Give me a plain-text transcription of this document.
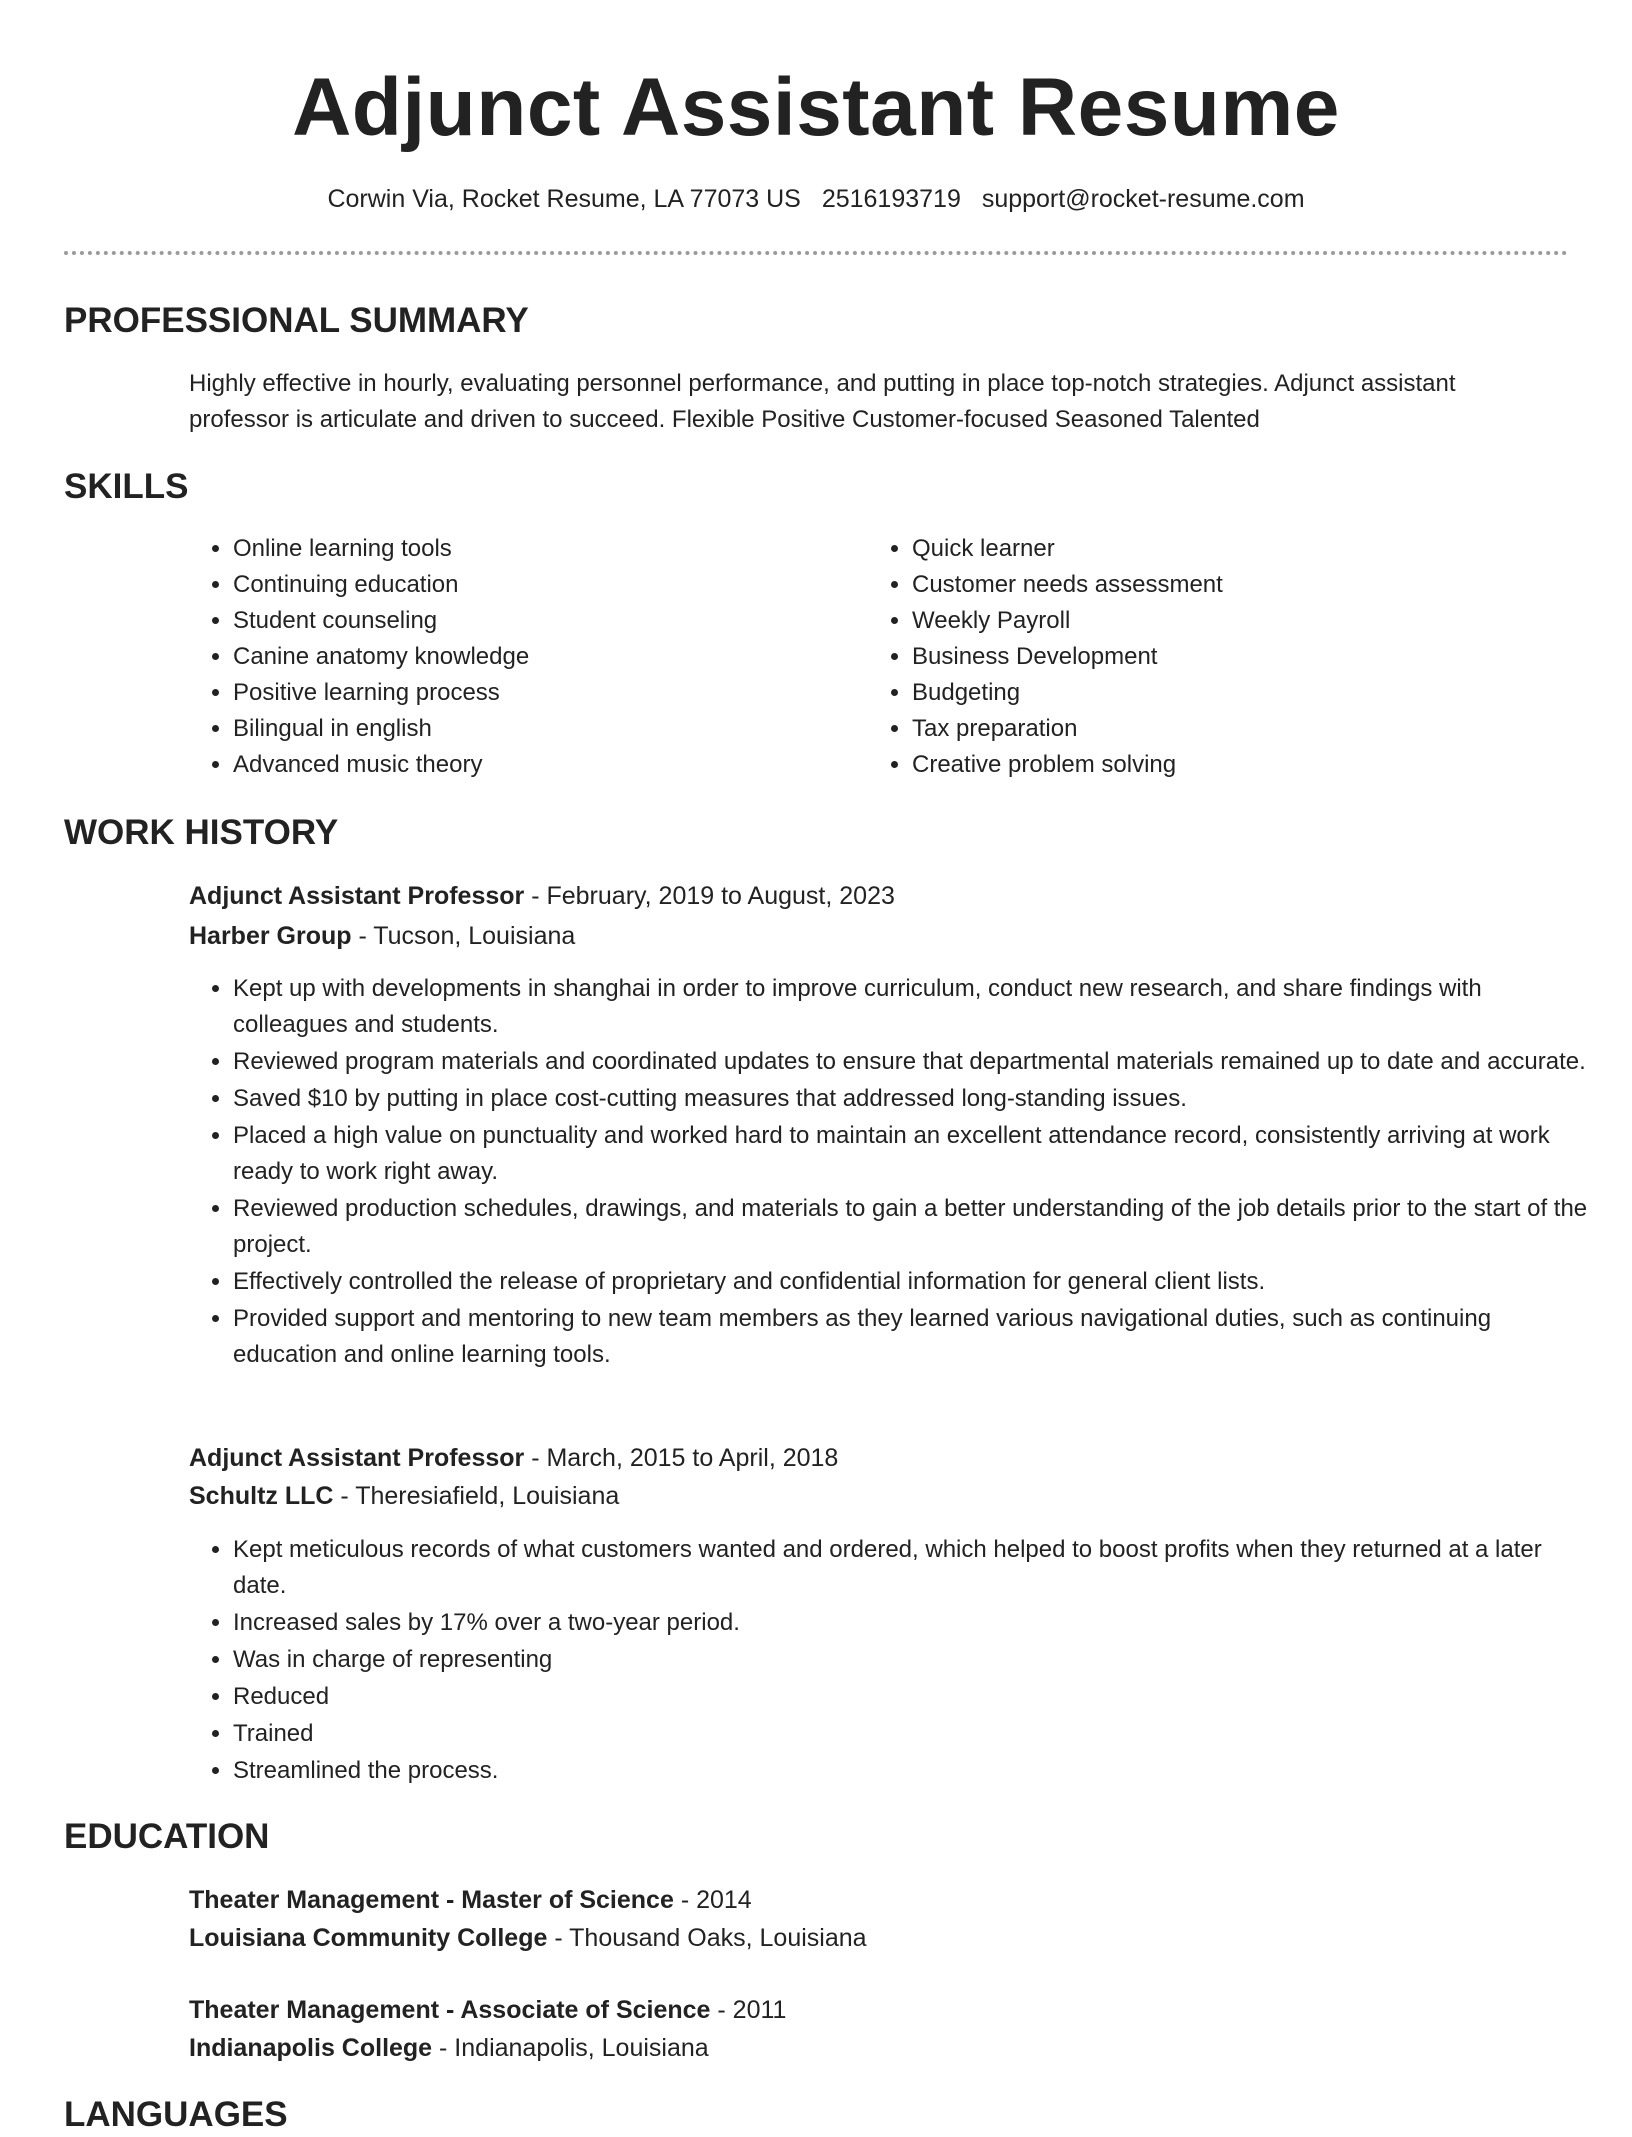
Adjunct Assistant Resume
Corwin Via, Rocket Resume, LA 77073 US 2516193719 support@rocket-resume.com
PROFESSIONAL SUMMARY

Highly effective in hourly, evaluating personnel performance, and putting in place top-notch strategies. Adjunct assistant professor is articulate and driven to succeed. Flexible Positive Customer-focused Seasoned Talented

SKILLS
• Online learning tools
• Continuing education
• Student counseling
• Canine anatomy knowledge
• Positive learning process
• Bilingual in english
• Advanced music theory
• Quick learner
• Customer needs assessment
• Weekly Payroll
• Business Development
• Budgeting
• Tax preparation
• Creative problem solving
WORK HISTORY
Adjunct Assistant Professor - February, 2019 to August, 2023
Harber Group - Tucson, Louisiana
• Kept up with developments in shanghai in order to improve curriculum, conduct new research, and share findings with colleagues and students.
• Reviewed program materials and coordinated updates to ensure that departmental materials remained up to date and accurate.
• Saved $10 by putting in place cost-cutting measures that addressed long-standing issues.
• Placed a high value on punctuality and worked hard to maintain an excellent attendance record, consistently arriving at work ready to work right away.
• Reviewed production schedules, drawings, and materials to gain a better understanding of the job details prior to the start of the project.
• Effectively controlled the release of proprietary and confidential information for general client lists.
• Provided support and mentoring to new team members as they learned various navigational duties, such as continuing education and online learning tools.
Adjunct Assistant Professor - March, 2015 to April, 2018
Schultz LLC - Theresiafield, Louisiana
• Kept meticulous records of what customers wanted and ordered, which helped to boost profits when they returned at a later date.
• Increased sales by 17% over a two-year period.
• Was in charge of representing
• Reduced
• Trained
• Streamlined the process.
EDUCATION
Theater Management - Master of Science - 2014
Louisiana Community College - Thousand Oaks, Louisiana
Theater Management - Associate of Science - 2011
Indianapolis College - Indianapolis, Louisiana
LANGUAGES
